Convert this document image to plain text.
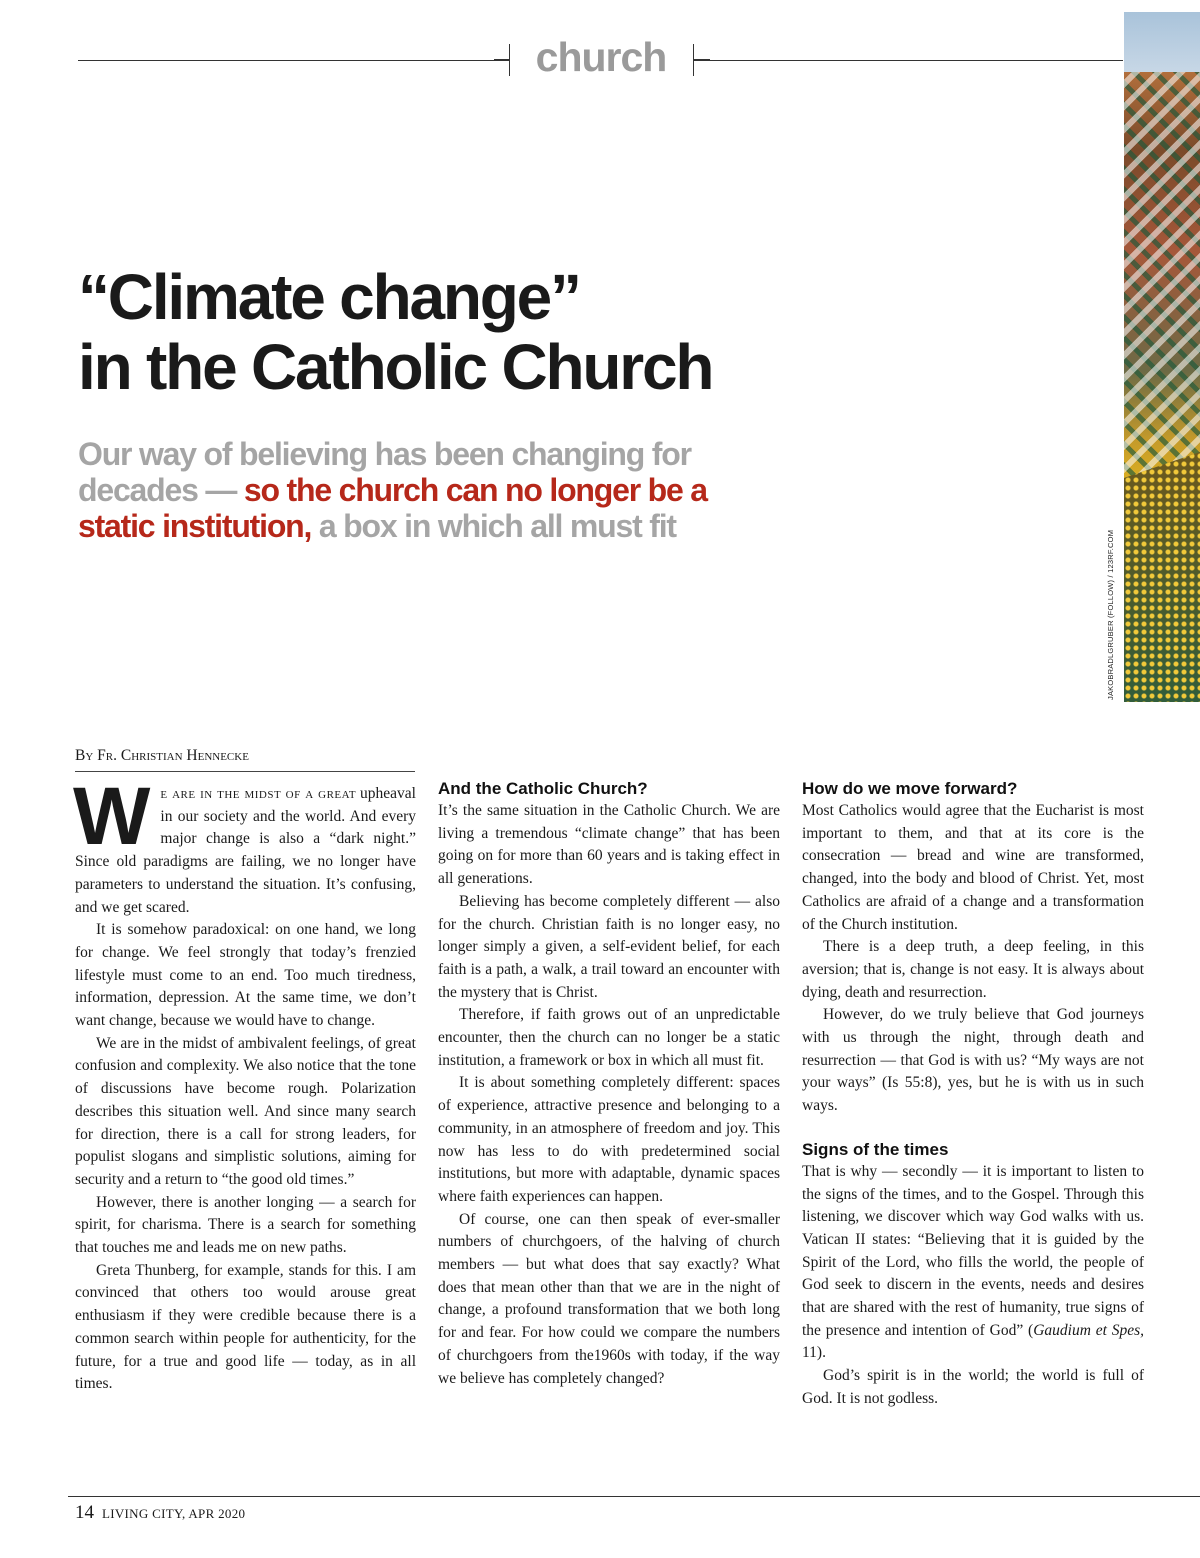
church
JAKOBRADLGRUBER (FOLLOW) / 123RF.COM
“Climate change”
in the Catholic Church

Our way of believing has been changing for decades — so the church can no longer be a static institution, a box in which all must fit

By Fr. Christian Hennecke

We are in the midst of a great upheaval in our society and the world. And every major change is also a “dark night.” Since old paradigms are failing, we no longer have parameters to understand the situation. It’s confusing, and we get scared.

It is somehow paradoxical: on one hand, we long for change. We feel strongly that today’s frenzied lifestyle must come to an end. Too much tiredness, information, depression. At the same time, we don’t want change, because we would have to change.

We are in the midst of ambivalent feelings, of great confusion and complexity. We also notice that the tone of discussions have become rough. Polarization describes this situation well. And since many search for direction, there is a call for strong leaders, for populist slogans and simplistic solutions, aiming for security and a return to “the good old times.”

However, there is another longing — a search for spirit, for charisma. There is a search for something that touches me and leads me on new paths.

Greta Thunberg, for example, stands for this. I am convinced that others too would arouse great enthusiasm if they were credible because there is a common search within people for authenticity, for the future, for a true and good life — today, as in all times.

And the Catholic Church?

It’s the same situation in the Catholic Church. We are living a tremendous “climate change” that has been going on for more than 60 years and is taking effect in all generations.

Believing has become completely different — also for the church. Christian faith is no longer easy, no longer simply a given, a self-evident belief, for each faith is a path, a walk, a trail toward an encounter with the mystery that is Christ.

Therefore, if faith grows out of an unpredictable encounter, then the church can no longer be a static institution, a framework or box in which all must fit.

It is about something completely different: spaces of experience, attractive presence and belonging to a community, in an atmosphere of freedom and joy. This now has less to do with predetermined social institutions, but more with adaptable, dynamic spaces where faith experiences can happen.

Of course, one can then speak of ever-smaller numbers of churchgoers, of the halving of church members — but what does that say exactly? What does that mean other than that we are in the night of change, a profound transformation that we both long for and fear. For how could we compare the numbers of churchgoers from the1960s with today, if the way we believe has completely changed?

How do we move forward?

Most Catholics would agree that the Eucharist is most important to them, and that at its core is the consecration — bread and wine are transformed, changed, into the body and blood of Christ. Yet, most Catholics are afraid of a change and a transformation of the Church institution.

There is a deep truth, a deep feeling, in this aversion; that is, change is not easy. It is always about dying, death and resurrection.

However, do we truly believe that God journeys with us through the night, through death and resurrection — that God is with us? “My ways are not your ways” (Is 55:8), yes, but he is with us in such ways.

Signs of the times

That is why — secondly — it is important to listen to the signs of the times, and to the Gospel. Through this listening, we discover which way God walks with us. Vatican II states: “Believing that it is guided by the Spirit of the Lord, who fills the world, the people of God seek to discern in the events, needs and desires that are shared with the rest of humanity, true signs of the presence and intention of God” (Gaudium et Spes, 11).

God’s spirit is in the world; the world is full of God. It is not godless.

14 LIVING CITY, APR 2020
